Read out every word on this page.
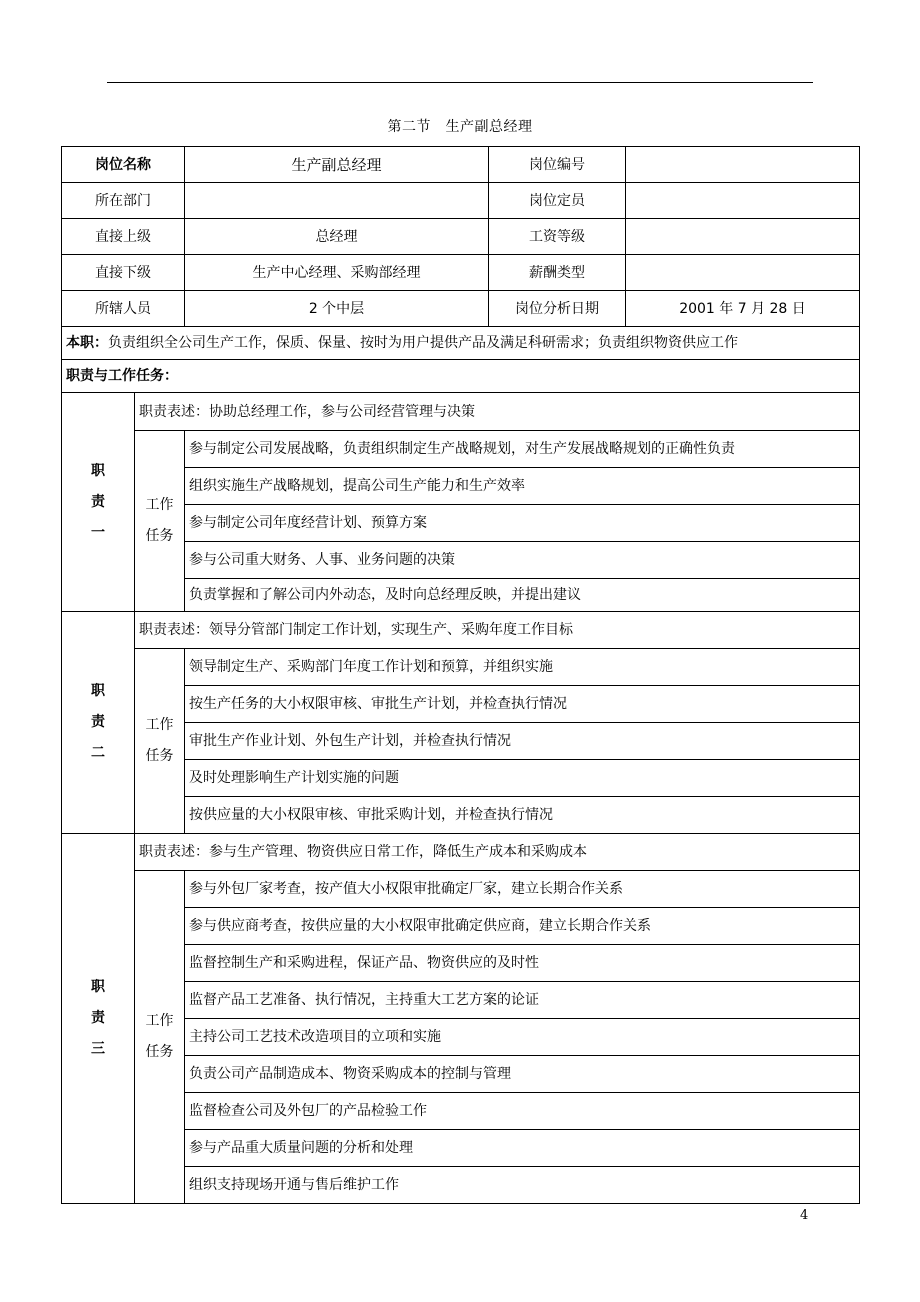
第二节　生产副总经理
岗位名称		生产副总经理	岗位编号	
所在部门			岗位定员	
直接上级		总经理	工资等级	
直接下级		生产中心经理、采购部经理	薪酬类型	
所辖人员		2 个中层	岗位分析日期	2001 年 7 月 28 日
本职：负责组织全公司生产工作，保质、保量、按时为用户提供产品及满足科研需求；负责组织物资供应工作				
职责与工作任务：				

职
责
一	职责表述：协助总经理工作，参与公司经营管理与决策			

	工作
任务	参与制定公司发展战略，负责组织制定生产战略规划，对生产发展战略规划的正确性负责		
		组织实施生产战略规划，提高公司生产能力和生产效率		
		参与制定公司年度经营计划、预算方案		
		参与公司重大财务、人事、业务问题的决策		
		负责掌握和了解公司内外动态，及时向总经理反映，并提出建议		

职
责
二	职责表述：领导分管部门制定工作计划，实现生产、采购年度工作目标			

	工作
任务	领导制定生产、采购部门年度工作计划和预算，并组织实施		
		按生产任务的大小权限审核、审批生产计划，并检查执行情况		
		审批生产作业计划、外包生产计划，并检查执行情况		
		及时处理影响生产计划实施的问题		
		按供应量的大小权限审核、审批采购计划，并检查执行情况		

职
责
三	职责表述：参与生产管理、物资供应日常工作，降低生产成本和采购成本			

	工作
任务	参与外包厂家考查，按产值大小权限审批确定厂家，建立长期合作关系		
		参与供应商考查，按供应量的大小权限审批确定供应商，建立长期合作关系		
		监督控制生产和采购进程，保证产品、物资供应的及时性		
		监督产品工艺准备、执行情况，主持重大工艺方案的论证		
		主持公司工艺技术改造项目的立项和实施		
		负责公司产品制造成本、物资采购成本的控制与管理		
		监督检查公司及外包厂的产品检验工作		
		参与产品重大质量问题的分析和处理		
		组织支持现场开通与售后维护工作		
4
